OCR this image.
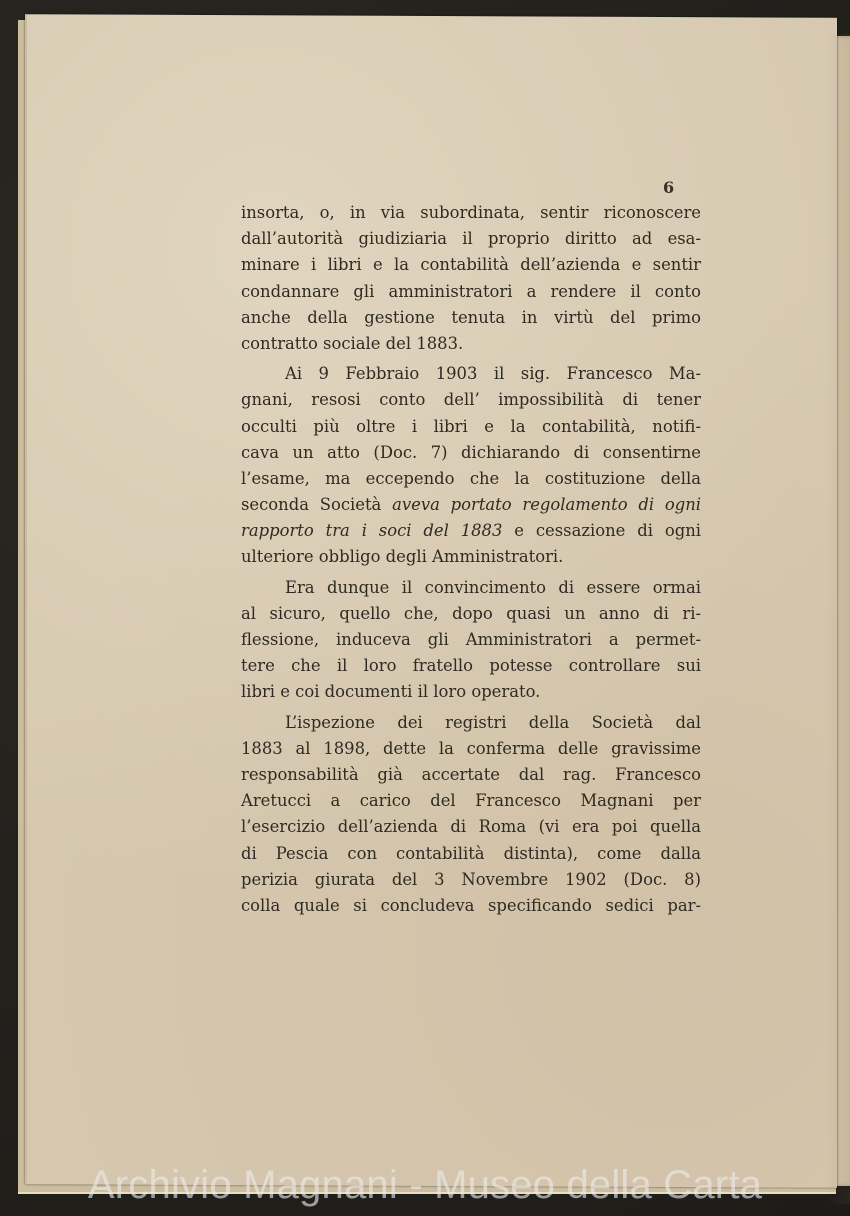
6

insorta, o, in via subordinata, sentir riconoscere
dall’autorità giudiziaria il proprio diritto ad esa-
minare i libri e la contabilità dell’azienda e sentir
condannare gli amministratori a rendere il conto
anche della gestione tenuta in virtù del primo
contratto sociale del 1883.

Ai 9 Febbraio 1903 il sig. Francesco Ma-
gnani, resosi conto dell’ impossibilità di tener
occulti più oltre i libri e la contabilità, notifi-
cava un atto (Doc. 7) dichiarando di consentirne
l’esame, ma eccependo che la costituzione della
seconda Società aveva portato regolamento di ogni
rapporto tra i soci del 1883 e cessazione di ogni
ulteriore obbligo degli Amministratori.

Era dunque il convincimento di essere ormai
al sicuro, quello che, dopo quasi un anno di ri-
flessione, induceva gli Amministratori a permet-
tere che il loro fratello potesse controllare sui
libri e coi documenti il loro operato.

L’ispezione dei registri della Società dal
1883 al 1898, dette la conferma delle gravissime
responsabilità già accertate dal rag. Francesco
Aretucci a carico del Francesco Magnani per
l’esercizio dell’azienda di Roma (vi era poi quella
di Pescia con contabilità distinta), come dalla
perizia giurata del 3 Novembre 1902 (Doc. 8)
colla quale si concludeva specificando sedici par-

Archivio Magnani - Museo della Carta
